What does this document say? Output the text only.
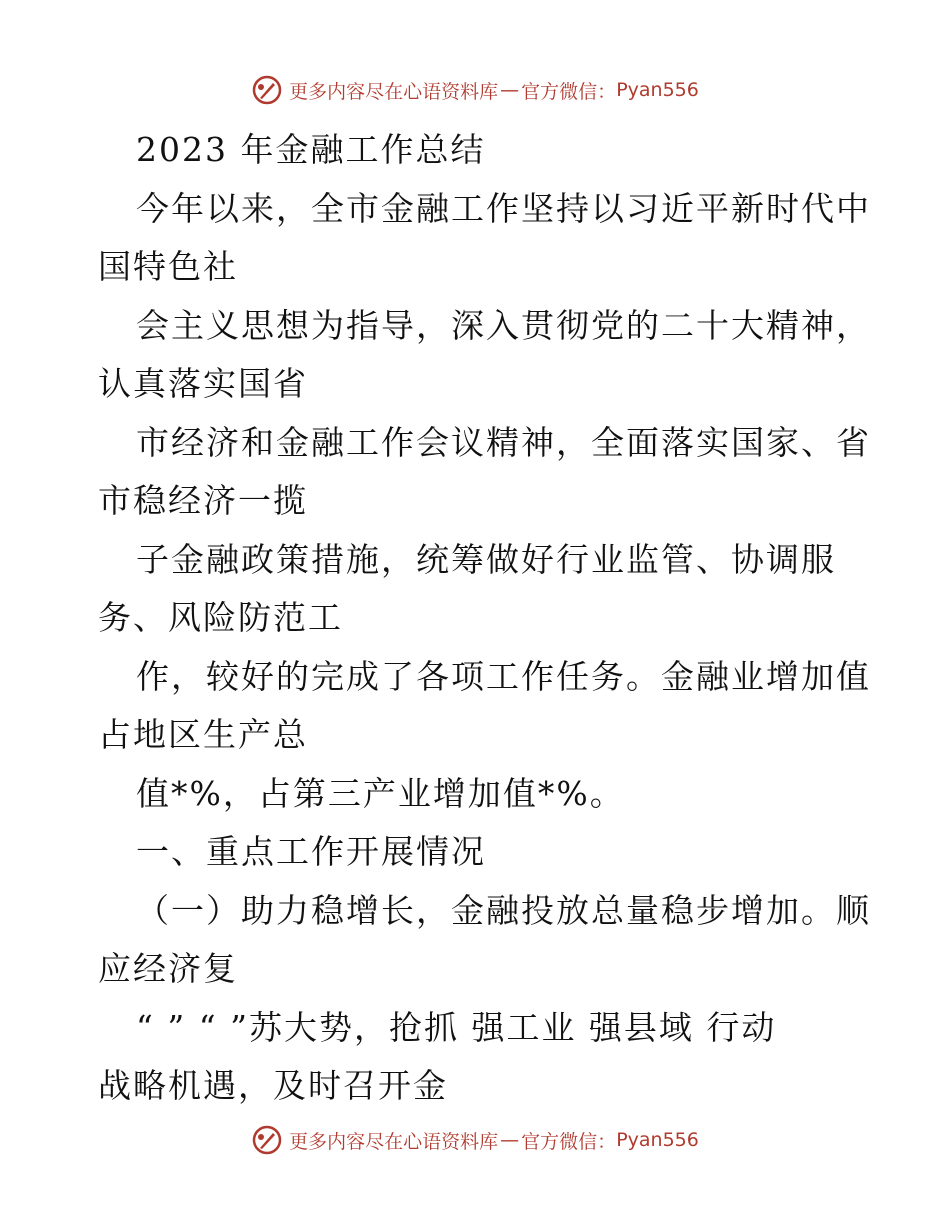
更多内容尽在心语资料库 — 官方微信： Pyan556
2023 年金融工作总结
今年以来，全市金融工作坚持以习近平新时代中
国特色社
会主义思想为指导，深入贯彻党的二十大精神，
认真落实国省
市经济和金融工作会议精神，全面落实国家、省
市稳经济一揽
子金融政策措施，统筹做好行业监管、协调服
务、风险防范工
作，较好的完成了各项工作任务。金融业增加值
占地区生产总
值*%，占第三产业增加值*%。
一、重点工作开展情况
（一）助力稳增长，金融投放总量稳步增加。顺
应经济复
“ ” “ ”苏大势，抢抓 强工业 强县域 行动
战略机遇，及时召开金
更多内容尽在心语资料库 — 官方微信： Pyan556
